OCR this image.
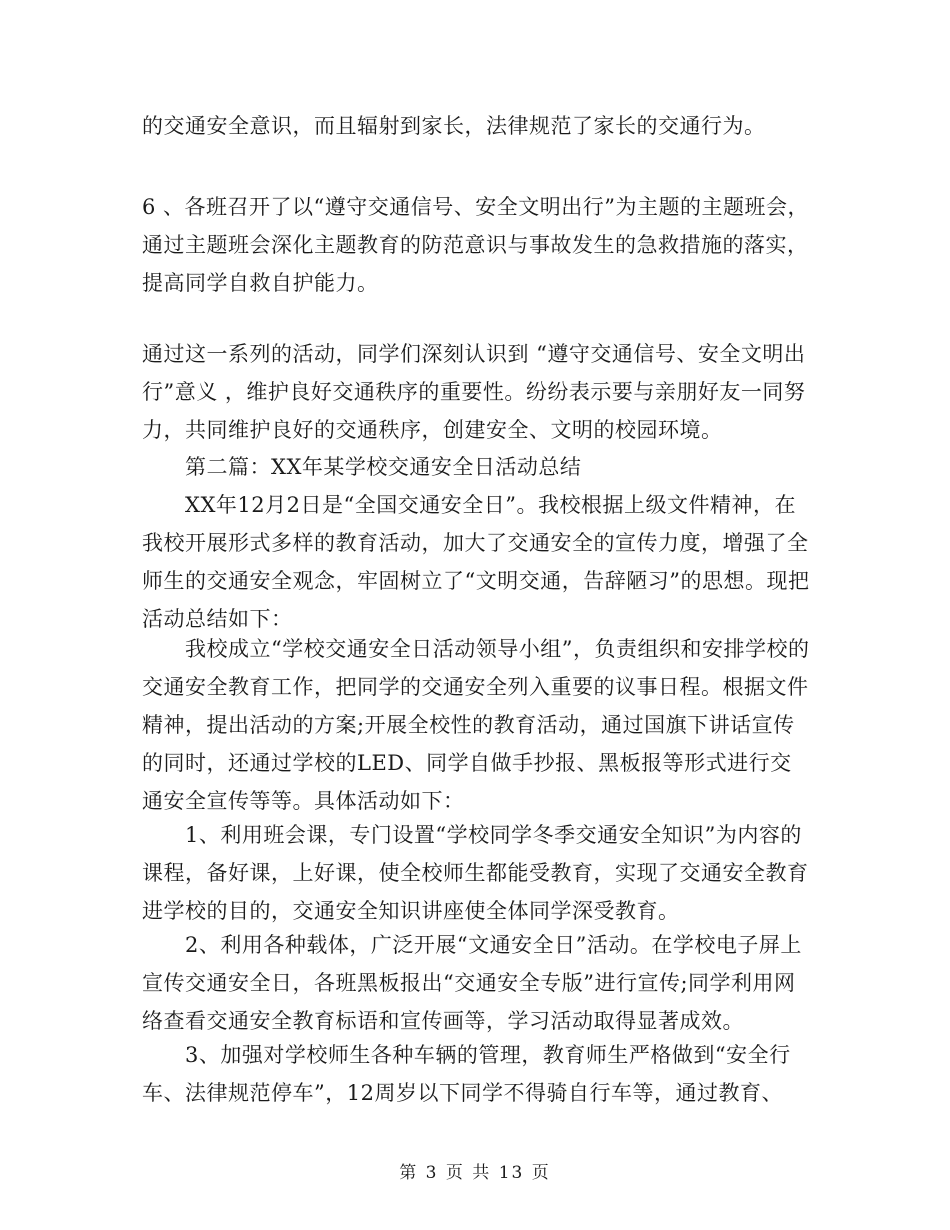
的交通安全意识，而且辐射到家长，法律规范了家长的交通行为。

6 、各班召开了以“遵守交通信号、安全文明出行”为主题的主题班会，通过主题班会深化主题教育的防范意识与事故发生的急救措施的落实，提高同学自救自护能力。

通过这一系列的活动，同学们深刻认识到 “遵守交通信号、安全文明出行”意义 ，维护良好交通秩序的重要性。纷纷表示要与亲朋好友一同努力，共同维护良好的交通秩序，创建安全、文明的校园环境。

　　第二篇：XX年某学校交通安全日活动总结

　　XX年12月2日是“全国交通安全日”。我校根据上级文件精神，在我校开展形式多样的教育活动，加大了交通安全的宣传力度，增强了全师生的交通安全观念，牢固树立了“文明交通，告辞陋习”的思想。现把活动总结如下：

　　我校成立“学校交通安全日活动领导小组”，负责组织和安排学校的交通安全教育工作，把同学的交通安全列入重要的议事日程。根据文件精神，提出活动的方案;开展全校性的教育活动，通过国旗下讲话宣传的同时，还通过学校的LED、同学自做手抄报、黑板报等形式进行交通安全宣传等等。具体活动如下：

　　1、利用班会课，专门设置“学校同学冬季交通安全知识”为内容的课程，备好课，上好课，使全校师生都能受教育，实现了交通安全教育进学校的目的，交通安全知识讲座使全体同学深受教育。

　　2、利用各种载体，广泛开展“文通安全日”活动。在学校电子屏上宣传交通安全日，各班黑板报出“交通安全专版”进行宣传;同学利用网络查看交通安全教育标语和宣传画等，学习活动取得显著成效。

　　3、加强对学校师生各种车辆的管理，教育师生严格做到“安全行车、法律规范停车”，12周岁以下同学不得骑自行车等，通过教育、

第 3 页 共 13 页
